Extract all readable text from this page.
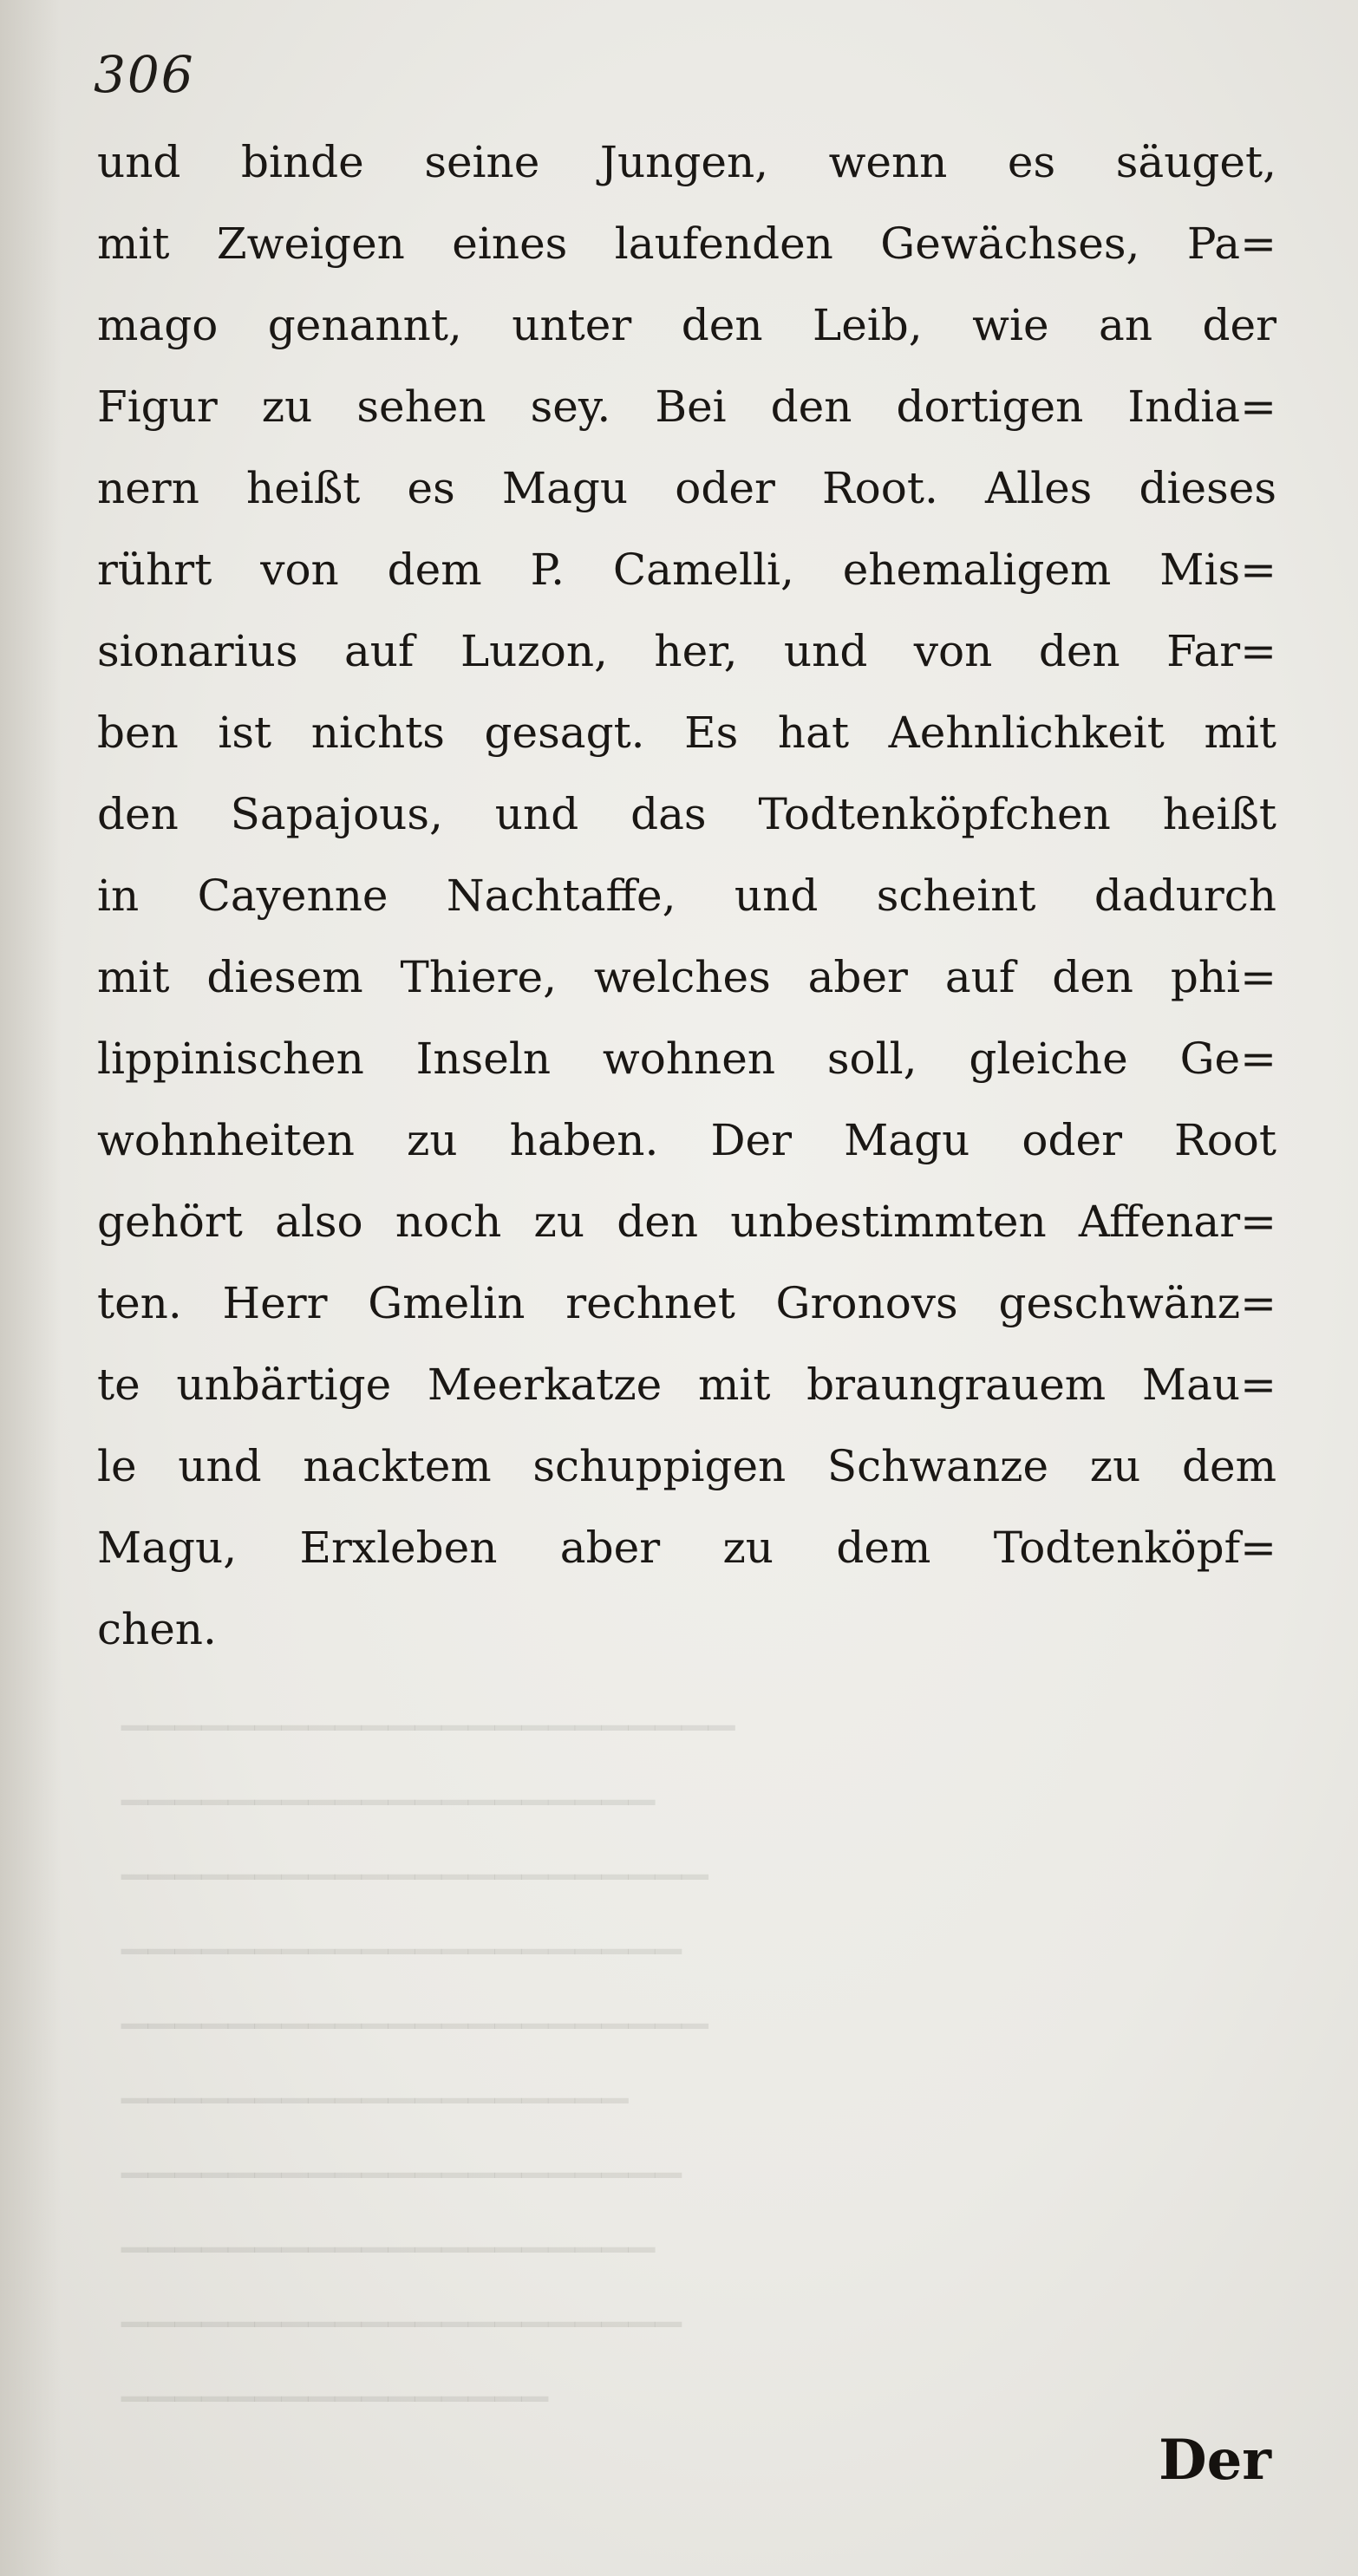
306
und binde seine Jungen, wenn es säuget,
mit Zweigen eines laufenden Gewächses, Pa=
mago genannt, unter den Leib, wie an der
Figur zu sehen sey. Bei den dortigen India=
nern heißt es Magu oder Root. Alles dieses
rührt von dem P. Camelli, ehemaligem Mis=
sionarius auf Luzon, her, und von den Far=
ben ist nichts gesagt. Es hat Aehnlichkeit mit
den Sapajous, und das Todtenköpfchen heißt
in Cayenne Nachtaffe, und scheint dadurch
mit diesem Thiere, welches aber auf den phi=
lippinischen Inseln wohnen soll, gleiche Ge=
wohnheiten zu haben. Der Magu oder Root
gehört also noch zu den unbestimmten Affenar=
ten. Herr Gmelin rechnet Gronovs geschwänz=
te unbärtige Meerkatze mit braungrauem Mau=
le und nacktem schuppigen Schwanze zu dem
Magu, Erxleben aber zu dem Todtenköpf=
chen.
▁▁▁▁▁▁▁▁▁▁▁▁▁▁▁▁▁▁▁▁▁▁▁
▁▁▁▁▁▁▁▁▁▁▁▁▁▁▁▁▁▁▁▁
▁▁▁▁▁▁▁▁▁▁▁▁▁▁▁▁▁▁▁▁▁▁
▁▁▁▁▁▁▁▁▁▁▁▁▁▁▁▁▁▁▁▁▁
▁▁▁▁▁▁▁▁▁▁▁▁▁▁▁▁▁▁▁▁▁▁
▁▁▁▁▁▁▁▁▁▁▁▁▁▁▁▁▁▁▁
▁▁▁▁▁▁▁▁▁▁▁▁▁▁▁▁▁▁▁▁▁
▁▁▁▁▁▁▁▁▁▁▁▁▁▁▁▁▁▁▁▁
▁▁▁▁▁▁▁▁▁▁▁▁▁▁▁▁▁▁▁▁▁
▁▁▁▁▁▁▁▁▁▁▁▁▁▁▁▁
Der
